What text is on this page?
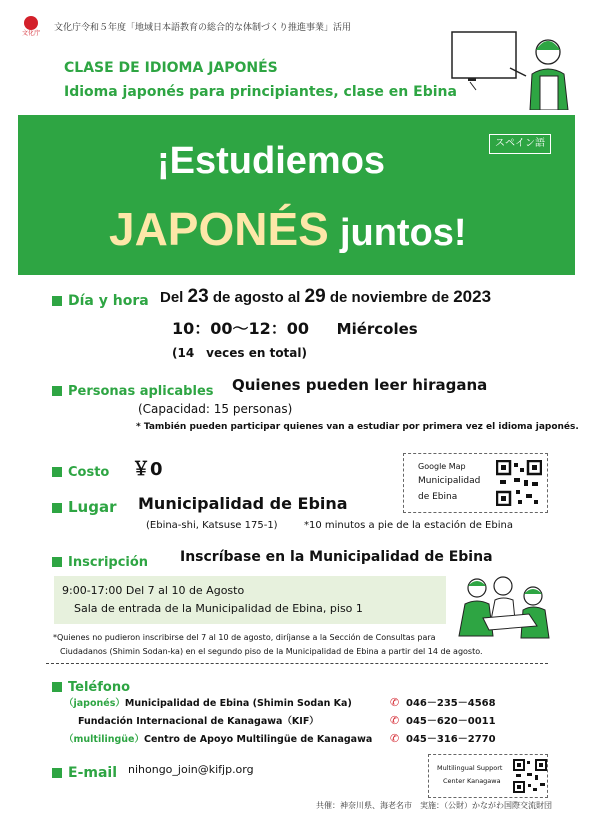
文化庁
文化庁令和５年度「地域日本語教育の総合的な体制づくり推進事業」活用
CLASE DE IDIOMA JAPONÉS
Idioma japonés para principiantes, clase en Ebina
スペイン語
¡Estudiemos
JAPONÉS juntos!
Día y hora Del 23 de agosto al 29 de noviembre de 2023
10：00～12：00 Miércoles
(14　veces en total)
Personas aplicables Quienes pueden leer hiragana
(Capacidad: 15 personas)
* También pueden participar quienes van a estudiar por primera vez el idioma japonés.
Costo ￥0	Google Map
Municipalidad
de Ebina
Lugar Municipalidad de Ebina
(Ebina-shi, Katsuse 175-1)	*10 minutos a pie de la estación de Ebina
Inscripción Inscríbase en la Municipalidad de Ebina
9:00-17:00 Del 7 al 10 de Agosto
Sala de entrada de la Municipalidad de Ebina, piso 1
*Quienes no pudieron inscribirse del 7 al 10 de agosto, diríjanse a la Sección de Consultas para
Ciudadanos (Shimin Sodan-ka) en el segundo piso de la Municipalidad de Ebina a partir del 14 de agosto.
Teléfono
（japonés）Municipalidad de Ebina (Shimin Sodan Ka)	✆ 046－235－4568
Fundación Internacional de Kanagawa（KIF）	✆ 045－620－0011
（multilingüe）Centro de Apoyo Multilingüe de Kanagawa ✆ 045－316－2770
E-mail nihongo_join@kifjp.org	Multilingual Support
Center Kanagawa
共催：神奈川県、海老名市　実施：（公財）かながわ国際交流財団
